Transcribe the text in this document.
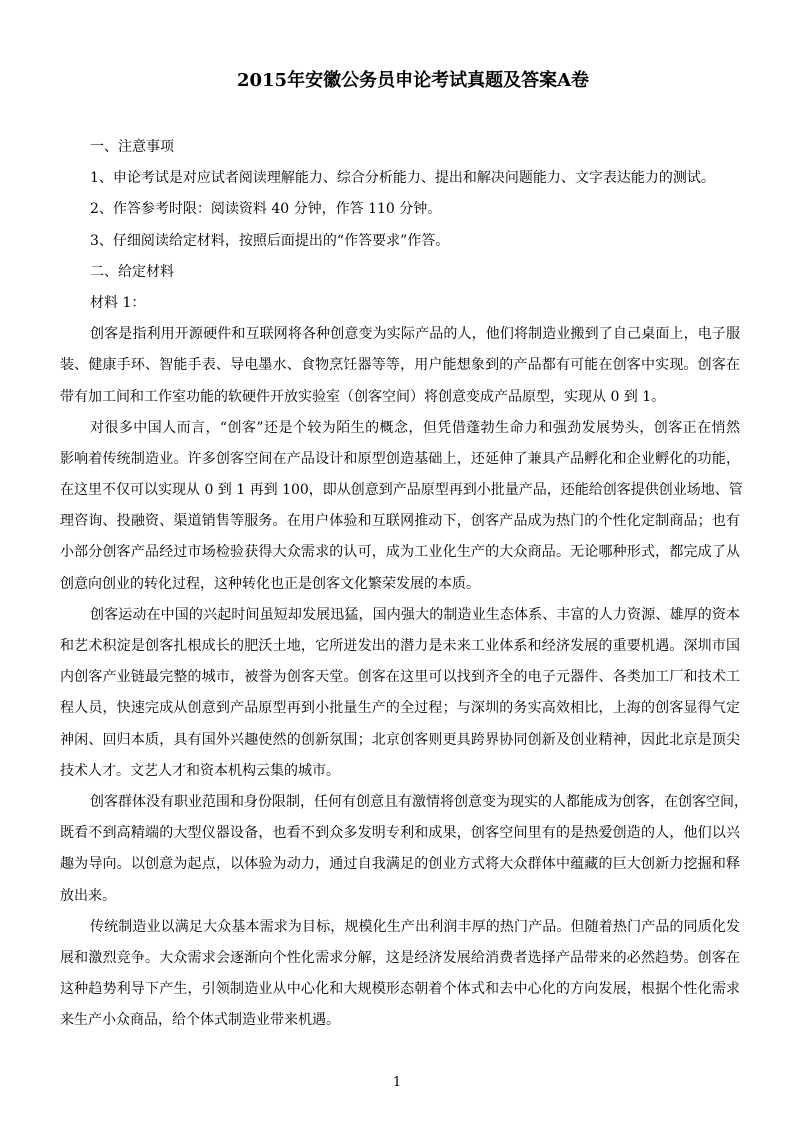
2015年安徽公务员申论考试真题及答案A卷
一、注意事项
1、申论考试是对应试者阅读理解能力、综合分析能力、提出和解决问题能力、文字表达能力的测试。
2、作答参考时限：阅读资料 40 分钟，作答 110 分钟。
3、仔细阅读给定材料，按照后面提出的“作答要求”作答。
二、给定材料
材料 1：
创客是指利用开源硬件和互联网将各种创意变为实际产品的人，他们将制造业搬到了自己桌面上，电子服
装、健康手环、智能手表、导电墨水、食物烹饪器等等，用户能想象到的产品都有可能在创客中实现。创客在
带有加工间和工作室功能的软硬件开放实验室（创客空间）将创意变成产品原型，实现从 0 到 1。
对很多中国人而言，“创客”还是个较为陌生的概念，但凭借蓬勃生命力和强劲发展势头，创客正在悄然
影响着传统制造业。许多创客空间在产品设计和原型创造基础上，还延伸了兼具产品孵化和企业孵化的功能，
在这里不仅可以实现从 0 到 1 再到 100，即从创意到产品原型再到小批量产品，还能给创客提供创业场地、管
理咨询、投融资、渠道销售等服务。在用户体验和互联网推动下，创客产品成为热门的个性化定制商品；也有
小部分创客产品经过市场检验获得大众需求的认可，成为工业化生产的大众商品。无论哪种形式，都完成了从
创意向创业的转化过程，这种转化也正是创客文化繁荣发展的本质。
创客运动在中国的兴起时间虽短却发展迅猛，国内强大的制造业生态体系、丰富的人力资源、雄厚的资本
和艺术积淀是创客扎根成长的肥沃土地，它所迸发出的潜力是未来工业体系和经济发展的重要机遇。深圳市国
内创客产业链最完整的城市，被誉为创客天堂。创客在这里可以找到齐全的电子元器件、各类加工厂和技术工
程人员，快速完成从创意到产品原型再到小批量生产的全过程；与深圳的务实高效相比，上海的创客显得气定
神闲、回归本质，具有国外兴趣使然的创新氛围；北京创客则更具跨界协同创新及创业精神，因此北京是顶尖
技术人才。文艺人才和资本机构云集的城市。
创客群体没有职业范围和身份限制，任何有创意且有激情将创意变为现实的人都能成为创客，在创客空间，
既看不到高精端的大型仪器设备，也看不到众多发明专利和成果，创客空间里有的是热爱创造的人，他们以兴
趣为导向。以创意为起点，以体验为动力，通过自我满足的创业方式将大众群体中蕴藏的巨大创新力挖掘和释
放出来。
传统制造业以满足大众基本需求为目标，规模化生产出利润丰厚的热门产品。但随着热门产品的同质化发
展和激烈竞争。大众需求会逐渐向个性化需求分解，这是经济发展给消费者选择产品带来的必然趋势。创客在
这种趋势利导下产生，引领制造业从中心化和大规模形态朝着个体式和去中心化的方向发展，根据个性化需求
来生产小众商品，给个体式制造业带来机遇。
1
